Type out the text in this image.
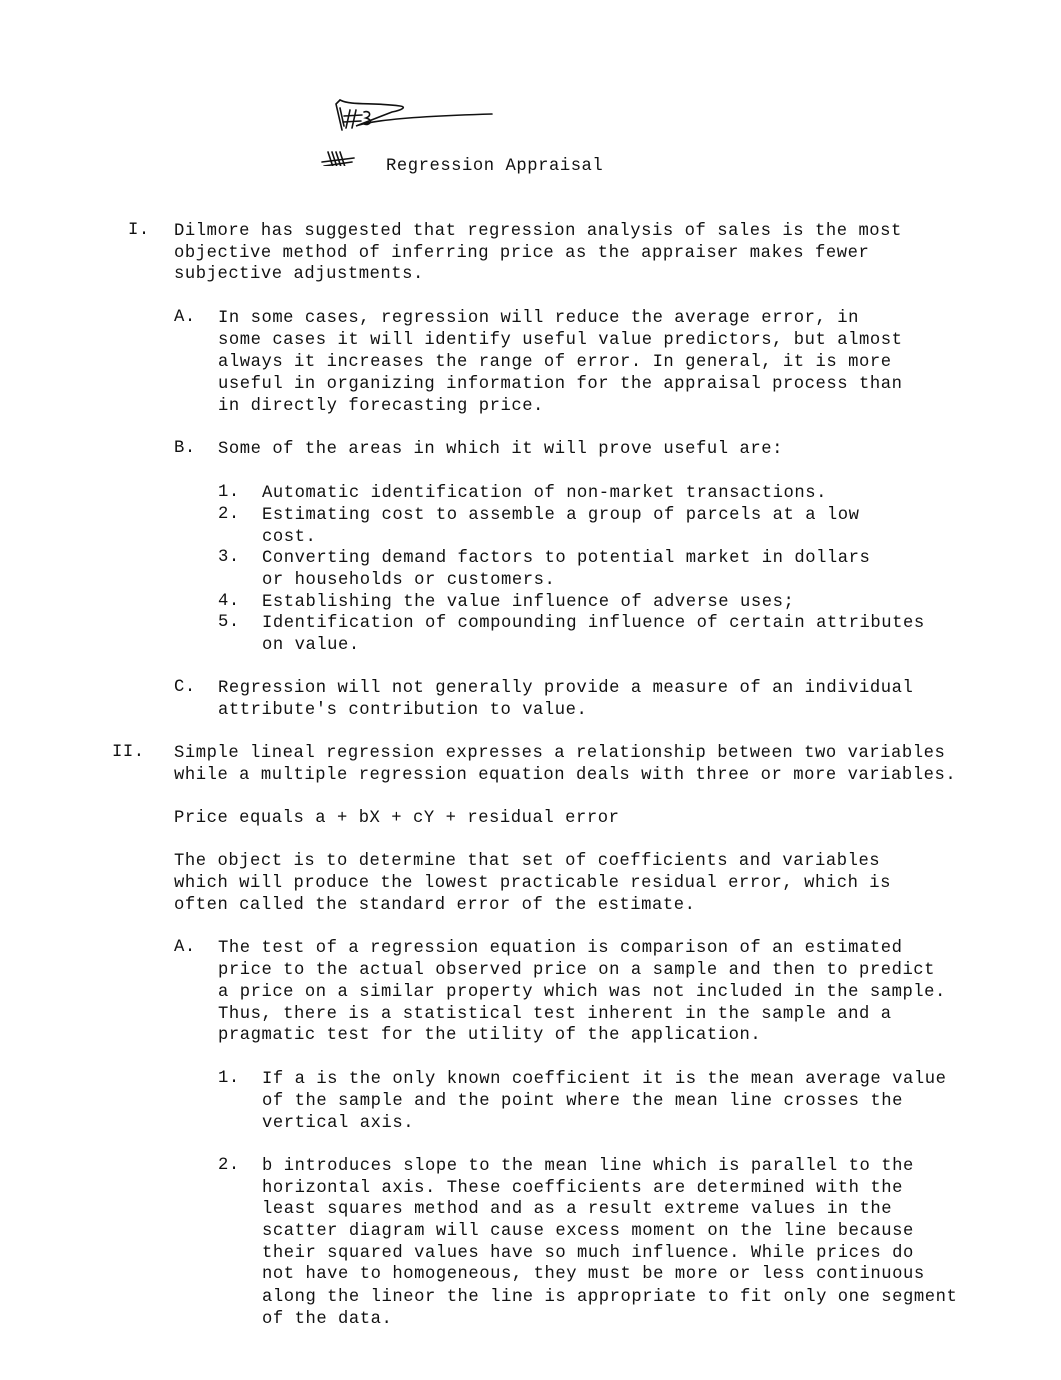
Regression Appraisal
I. Dilmore has suggested that regression analysis of sales is the most
objective method of inferring price as the appraiser makes fewer
subjective adjustments.
A. In some cases, regression will reduce the average error, in
some cases it will identify useful value predictors, but almost
always it increases the range of error. In general, it is more
useful in organizing information for the appraisal process than
in directly forecasting price.
B. Some of the areas in which it will prove useful are:
1. Automatic identification of non-market transactions.
2. Estimating cost to assemble a group of parcels at a low
cost.
3. Converting demand factors to potential market in dollars
or households or customers.
4. Establishing the value influence of adverse uses;
5. Identification of compounding influence of certain attributes
on value.
C. Regression will not generally provide a measure of an individual
attribute's contribution to value.
II. Simple lineal regression expresses a relationship between two variables
while a multiple regression equation deals with three or more variables.
Price equals a + bX + cY + residual error
The object is to determine that set of coefficients and variables
which will produce the lowest practicable residual error, which is
often called the standard error of the estimate.
A. The test of a regression equation is comparison of an estimated
price to the actual observed price on a sample and then to predict
a price on a similar property which was not included in the sample.
Thus, there is a statistical test inherent in the sample and a
pragmatic test for the utility of the application.
1. If a is the only known coefficient it is the mean average value
of the sample and the point where the mean line crosses the
vertical axis.
2. b introduces slope to the mean line which is parallel to the
horizontal axis. These coefficients are determined with the
least squares method and as a result extreme values in the
scatter diagram will cause excess moment on the line because
their squared values have so much influence. While prices do
not have to homogeneous, they must be more or less continuous
along the lineor the line is appropriate to fit only one segment
of the data.
